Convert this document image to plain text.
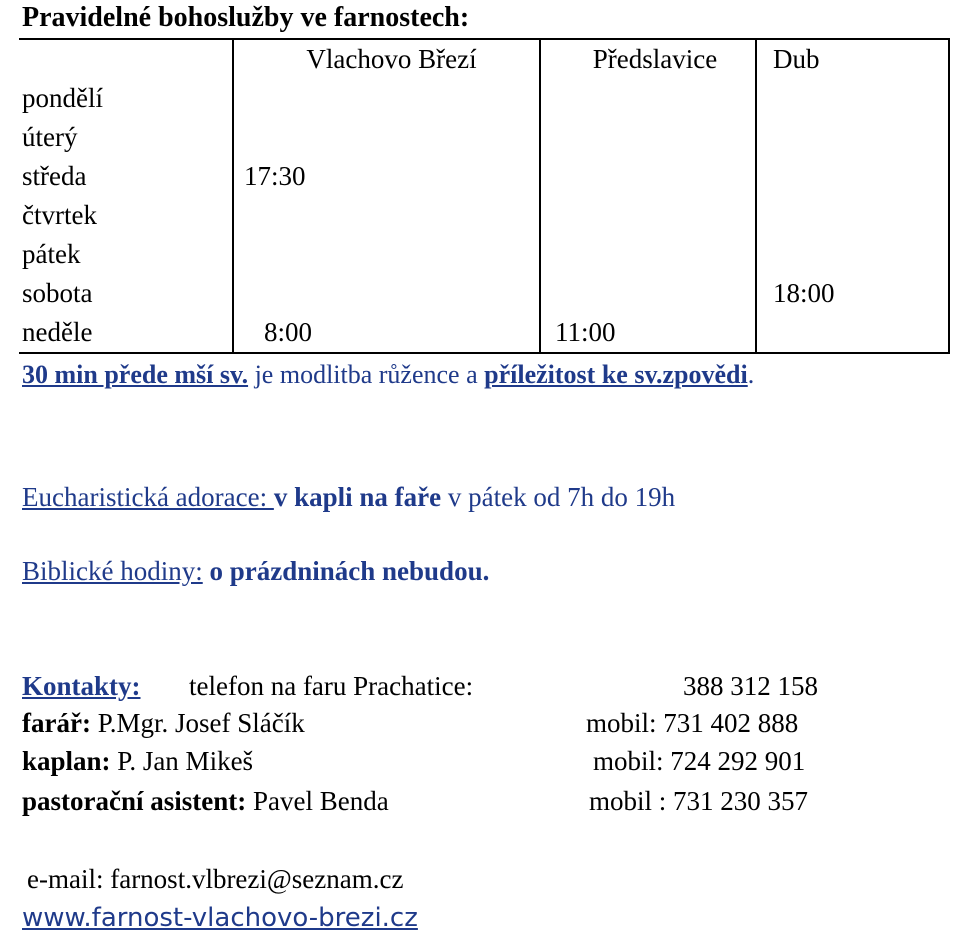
Pravidelné bohoslužby ve farnostech:
	Vlachovo Březí	Předslavice	Dub
pondělí			
úterý			
středa	17:30		
čtvrtek			
pátek			
sobota			18:00
neděle	8:00	11:00	
30 min přede mší sv. je modlitba růžence a příležitost ke sv.zpovědi.
Eucharistická adorace: v kapli na faře v pátek od 7h do 19h
Biblické hodiny: o prázdninách nebudou.
Kontakty: telefon na faru Prachatice:	388 312 158
farář: P.Mgr. Josef Sláčík	mobil: 731 402 888
kaplan: P. Jan Mikeš	mobil: 724 292 901
pastorační asistent: Pavel Benda	mobil : 731 230 357
e-mail: farnost.vlbrezi@seznam.cz
www.farnost-vlachovo-brezi.cz
